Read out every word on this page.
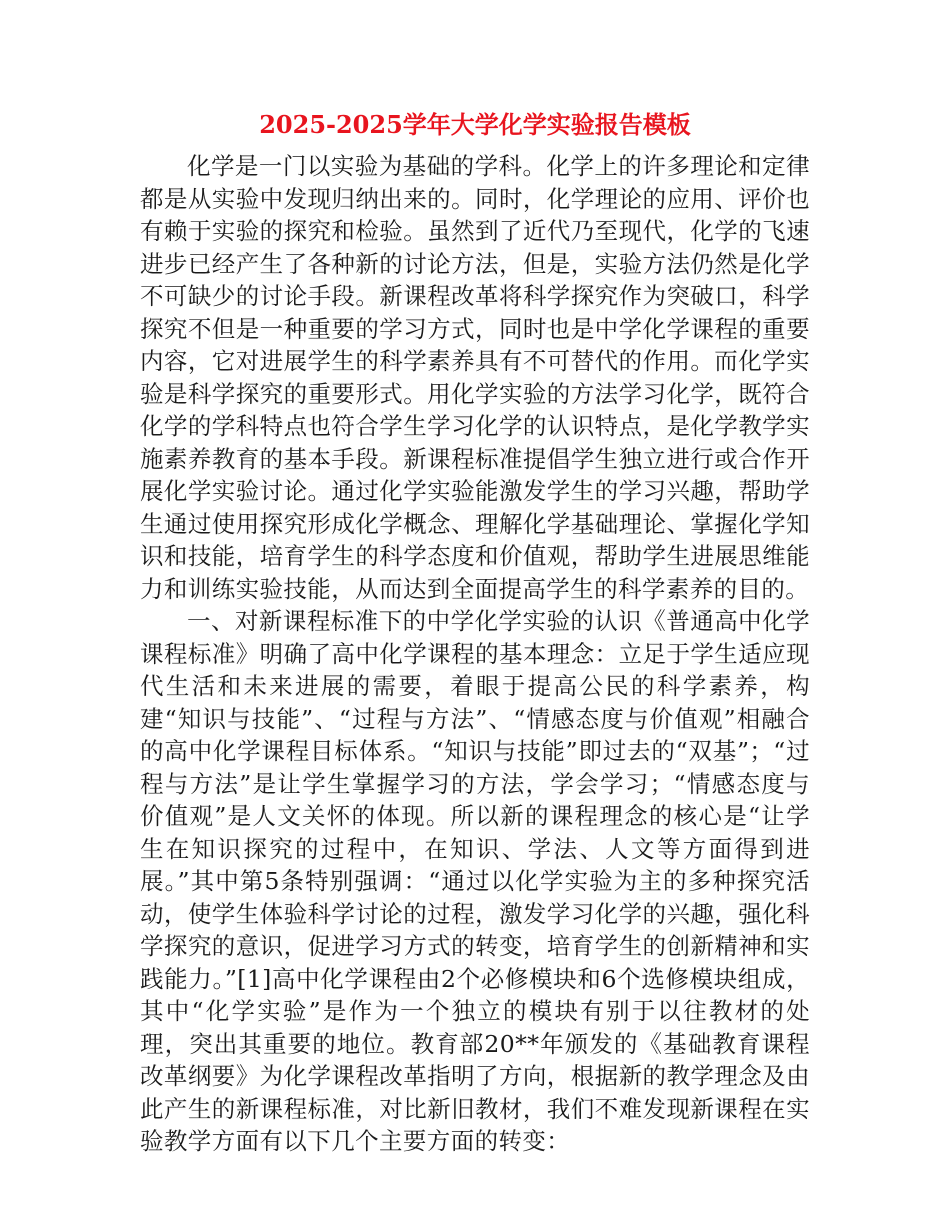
2025-2025学年大学化学实验报告模板

化学是一门以实验为基础的学科。化学上的许多理论和定律都是从实验中发现归纳出来的。同时，化学理论的应用、评价也有赖于实验的探究和检验。虽然到了近代乃至现代，化学的飞速进步已经产生了各种新的讨论方法，但是，实验方法仍然是化学不可缺少的讨论手段。新课程改革将科学探究作为突破口，科学探究不但是一种重要的学习方式，同时也是中学化学课程的重要内容，它对进展学生的科学素养具有不可替代的作用。而化学实验是科学探究的重要形式。用化学实验的方法学习化学，既符合化学的学科特点也符合学生学习化学的认识特点，是化学教学实施素养教育的基本手段。新课程标准提倡学生独立进行或合作开展化学实验讨论。通过化学实验能激发学生的学习兴趣，帮助学生通过使用探究形成化学概念、理解化学基础理论、掌握化学知识和技能，培育学生的科学态度和价值观，帮助学生进展思维能力和训练实验技能，从而达到全面提高学生的科学素养的目的。

一、对新课程标准下的中学化学实验的认识《普通高中化学课程标准》明确了高中化学课程的基本理念：立足于学生适应现代生活和未来进展的需要，着眼于提高公民的科学素养，构建“知识与技能”、“过程与方法”、“情感态度与价值观”相融合的高中化学课程目标体系。“知识与技能”即过去的“双基”；“过程与方法”是让学生掌握学习的方法，学会学习；“情感态度与价值观”是人文关怀的体现。所以新的课程理念的核心是“让学生在知识探究的过程中，在知识、学法、人文等方面得到进展。”其中第5条特别强调：“通过以化学实验为主的多种探究活动，使学生体验科学讨论的过程，激发学习化学的兴趣，强化科学探究的意识，促进学习方式的转变，培育学生的创新精神和实践能力。”[1]高中化学课程由2个必修模块和6个选修模块组成，其中“化学实验”是作为一个独立的模块有别于以往教材的处理，突出其重要的地位。教育部20**年颁发的《基础教育课程改革纲要》为化学课程改革指明了方向，根据新的教学理念及由此产生的新课程标准，对比新旧教材，我们不难发现新课程在实验教学方面有以下几个主要方面的转变：
